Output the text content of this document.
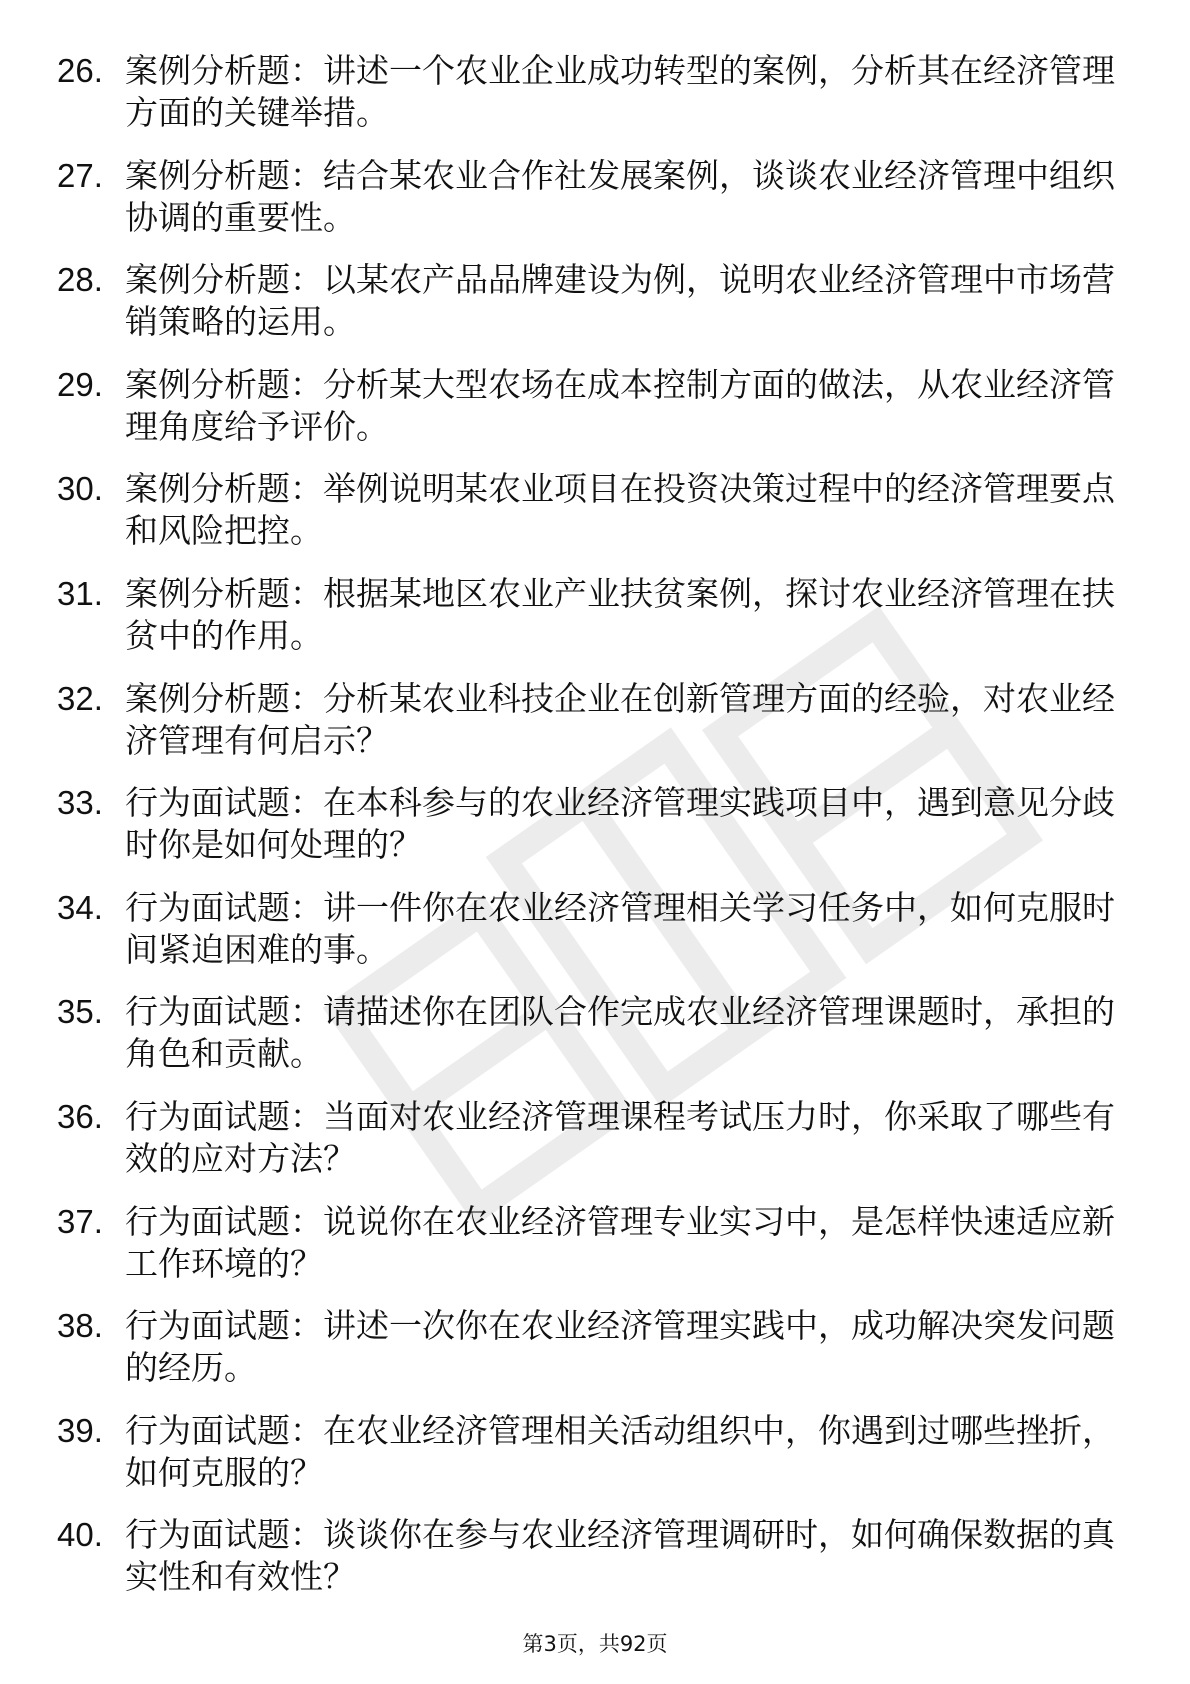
26. 案例分析题：讲述一个农业企业成功转型的案例，分析其在经济管理方面的关键举措。
27. 案例分析题：结合某农业合作社发展案例，谈谈农业经济管理中组织协调的重要性。
28. 案例分析题：以某农产品品牌建设为例，说明农业经济管理中市场营销策略的运用。
29. 案例分析题：分析某大型农场在成本控制方面的做法，从农业经济管理角度给予评价。
30. 案例分析题：举例说明某农业项目在投资决策过程中的经济管理要点和风险把控。
31. 案例分析题：根据某地区农业产业扶贫案例，探讨农业经济管理在扶贫中的作用。
32. 案例分析题：分析某农业科技企业在创新管理方面的经验，对农业经济管理有何启示？
33. 行为面试题：在本科参与的农业经济管理实践项目中，遇到意见分歧时你是如何处理的？
34. 行为面试题：讲一件你在农业经济管理相关学习任务中，如何克服时间紧迫困难的事。
35. 行为面试题：请描述你在团队合作完成农业经济管理课题时，承担的角色和贡献。
36. 行为面试题：当面对农业经济管理课程考试压力时，你采取了哪些有效的应对方法？
37. 行为面试题：说说你在农业经济管理专业实习中，是怎样快速适应新工作环境的？
38. 行为面试题：讲述一次你在农业经济管理实践中，成功解决突发问题的经历。
39. 行为面试题：在农业经济管理相关活动组织中，你遇到过哪些挫折，如何克服的？
40. 行为面试题：谈谈你在参与农业经济管理调研时，如何确保数据的真实性和有效性？
第3页，共92页
